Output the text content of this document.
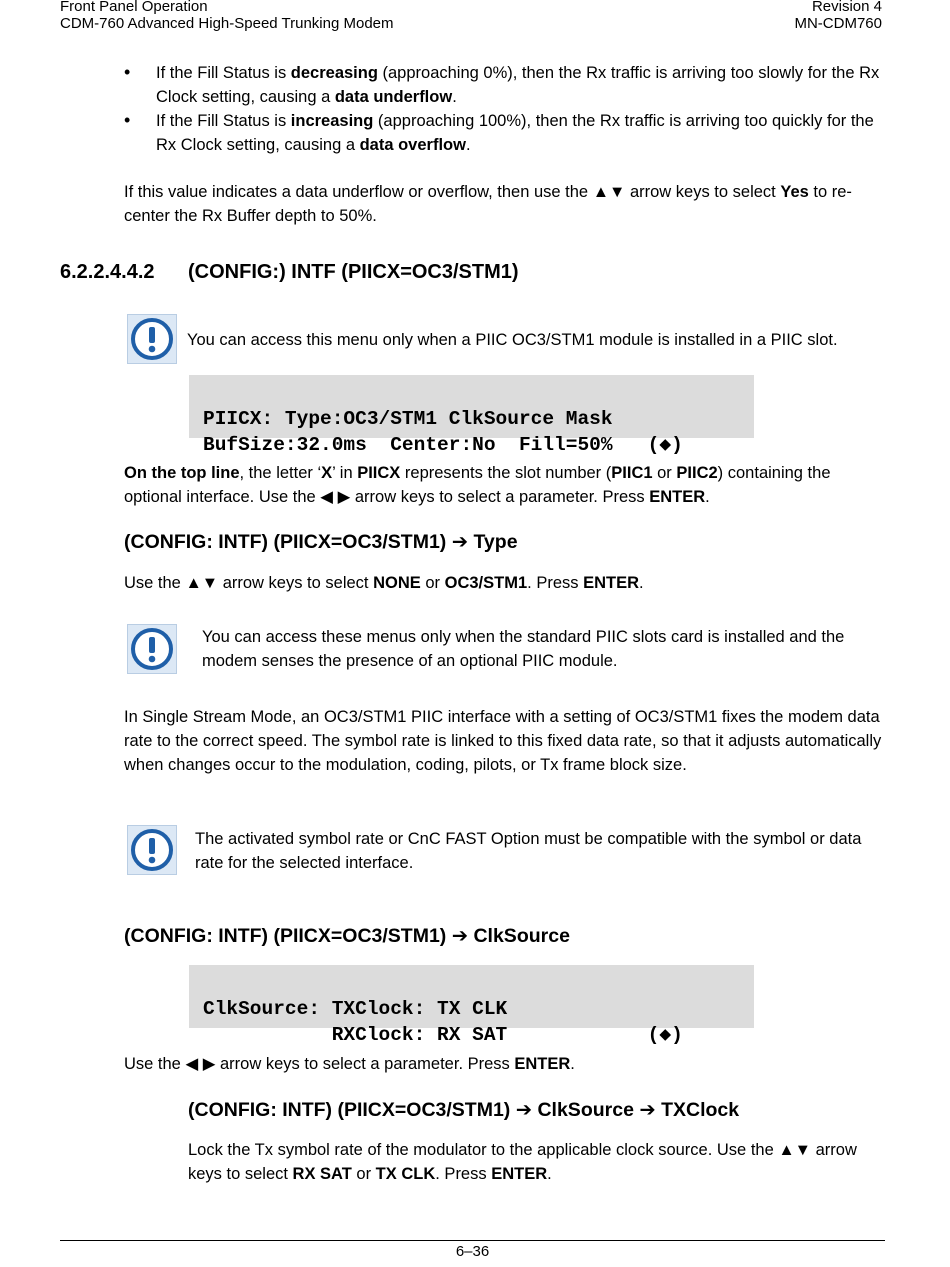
Front Panel Operation
CDM-760 Advanced High-Speed Trunking Modem
Revision 4
MN-CDM760
• If the Fill Status is decreasing (approaching 0%), then the Rx traffic is arriving too slowly for the Rx Clock setting, causing a data underflow.
• If the Fill Status is increasing (approaching 100%), then the Rx traffic is arriving too quickly for the Rx Clock setting, causing a data overflow.
If this value indicates a data underflow or overflow, then use the ▲▼ arrow keys to select Yes to re-center the Rx Buffer depth to 50%.
6.2.2.4.4.2 (CONFIG:) INTF (PIICX=OC3/STM1)
You can access this menu only when a PIIC OC3/STM1 module is installed in a PIIC slot.

PIICX: Type:OC3/STM1 ClkSource Mask
BufSize:32.0ms  Center:No  Fill=50%   (◆)

On the top line, the letter ‘X’ in PIICX represents the slot number (PIIC1 or PIIC2) containing the optional interface. Use the ◀ ▶ arrow keys to select a parameter. Press ENTER.
(CONFIG: INTF) (PIICX=OC3/STM1) ➔ Type
Use the ▲▼ arrow keys to select NONE or OC3/STM1. Press ENTER.
You can access these menus only when the standard PIIC slots card is installed and the modem senses the presence of an optional PIIC module.
In Single Stream Mode, an OC3/STM1 PIIC interface with a setting of OC3/STM1 fixes the modem data rate to the correct speed. The symbol rate is linked to this fixed data rate, so that it adjusts automatically when changes occur to the modulation, coding, pilots, or Tx frame block size.
The activated symbol rate or CnC FAST Option must be compatible with the symbol or data rate for the selected interface.
(CONFIG: INTF) (PIICX=OC3/STM1) ➔ ClkSource

ClkSource: TXClock: TX CLK
RXClock: RX SAT            (◆)

Use the ◀ ▶ arrow keys to select a parameter. Press ENTER.
(CONFIG: INTF) (PIICX=OC3/STM1) ➔ ClkSource ➔ TXClock
Lock the Tx symbol rate of the modulator to the applicable clock source. Use the ▲▼ arrow keys to select RX SAT or TX CLK. Press ENTER.
6–36
